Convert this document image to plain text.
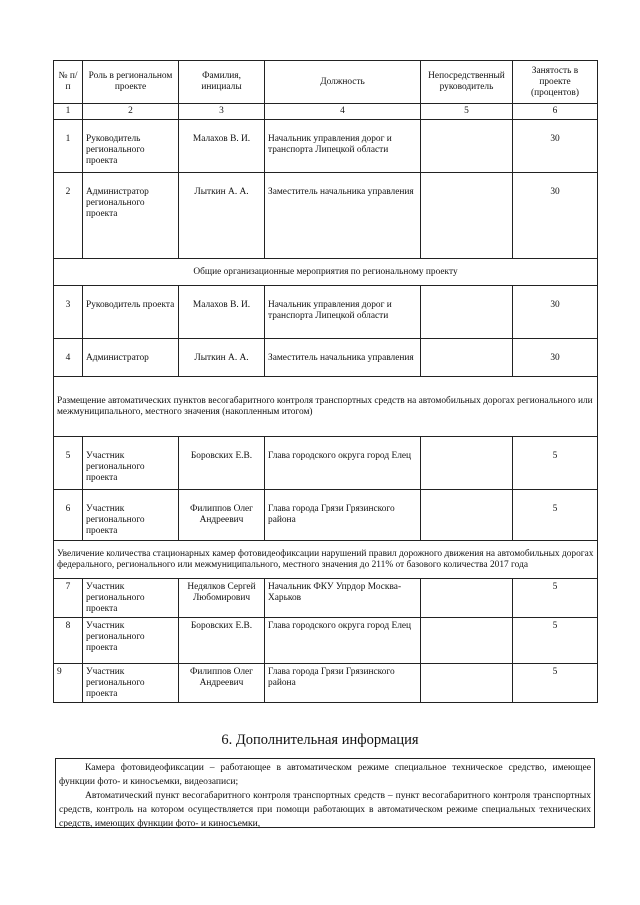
№ п/п	Роль в региональном проекте	Фамилия, инициалы	Должность	Непосредственный руководитель	Занятость в проекте (процентов)
1	2	3	4	5	6
1	Руководитель регионального проекта	Малахов В. И.	Начальник управления дорог и транспорта Липецкой области		30
2	Администратор регионального проекта	Лыткин А. А.	Заместитель начальника управления		30
Общие организационные мероприятия по региональному проекту					
3	Руководитель проекта	Малахов В. И.	Начальник управления дорог и транспорта Липецкой области		30
4	Администратор	Лыткин А. А.	Заместитель начальника управления		30
Размещение автоматических пунктов весогабаритного контроля транспортных средств на автомобильных дорогах регионального или межмуниципального, местного значения (накопленным итогом)					
5	Участник регионального проекта	Боровских Е.В.	Глава городского округа город Елец		5
6	Участник регионального проекта	Филиппов Олег Андреевич	Глава города Грязи Грязинского района		5
Увеличение количества стационарных камер фотовидеофиксации нарушений правил дорожного движения на автомобильных дорогах федерального, регионального или межмуниципального, местного значения до 211% от базового количества 2017 года					
7	Участник регионального проекта	Недялков Сергей Любомирович	Начальник ФКУ Упрдор Москва-Харьков		5
8	Участник регионального проекта	Боровских Е.В.	Глава городского округа город Елец		5
9	Участник регионального проекта	Филиппов Олег Андреевич	Глава города Грязи Грязинского района		5
6. Дополнительная информация

Камера фотовидеофиксации – работающее в автоматическом режиме специальное техническое средство, имеющее функции фото- и киносъемки, видеозаписи;

Автоматический пункт весогабаритного контроля транспортных средств – пункт весогабаритного контроля транспортных средств, контроль на котором осуществляется при помощи работающих в автоматическом режиме специальных технических средств, имеющих функции фото- и киносъемки,
